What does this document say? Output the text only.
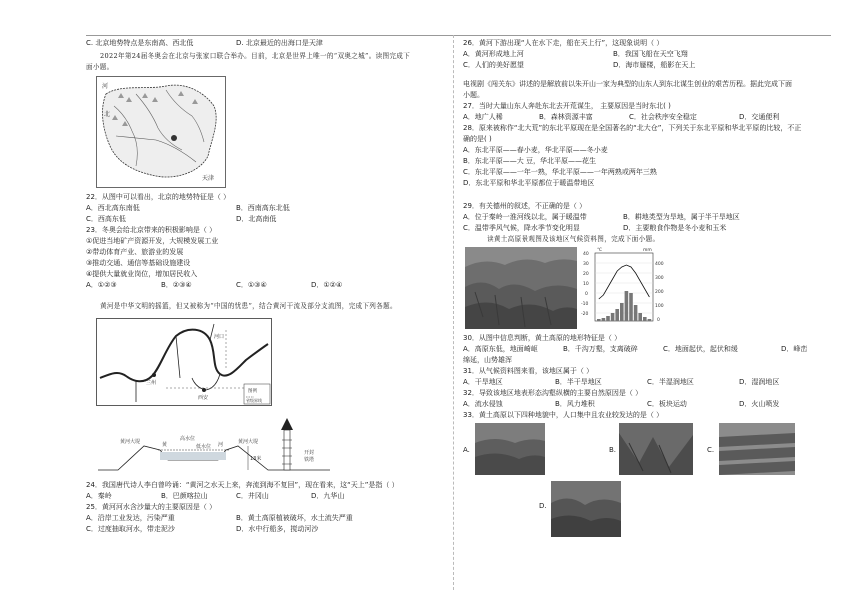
C. 北京地势特点是东南高、西北低	D. 北京最近的出海口是天津
2022年第24届冬奥会在北京与张家口联合举办。目前，北京是世界上唯一的“双奥之城”。读图完成下
面小题。
河
北
天津
22．从图中可以看出，北京的地势特征是（ ）
A．西北高东南低	B．西南高东北低
C．西高东低	D．北高南低
23．冬奥会给北京带来的积极影响是（ ）
①促进当地矿产资源开发，大规模发展工业
②带动体育产业、旅游业的发展
③推动交通、通信等基础设施建设
④提供大量就业岗位，增加居民收入
A．①②③	B．②③④	C．①③④	D．①②④
黄河是中华文明的摇篮，但又被称为“中国的忧患”，结合黄河干流及部分支流图，完成下列各题。
兰州
西安
河口
图例
省级界线
黄河大堤	黄
高水位
低水位 河	黄河大堤
开封
铁塔
13米
24．我国唐代诗人李白曾吟诵：“黄河之水天上来，奔流到海不复回”，现在看来，这“天上”是指（ ）
A．秦岭	B．巴颜喀拉山	C．井冈山	D．九华山
25．黄河河水含沙量大的主要原因是（ ）
A．沿岸工业发达，污染严重	B．黄土高原植被破坏，水土流失严重
C．过度抽取河水，带走泥沙	D．水中行船多，搅动河沙
26．黄河下游出现“人在水下走，船在天上行”，这现象说明（ ）
A．黄河形成地上河	B．我国飞船在天空飞翔
C．人们的美好愿望	D．海市蜃楼，船影在天上
电视剧《闯关东》讲述的是解放前以朱开山一家为典型的山东人到东北谋生创业的艰苦历程。据此完成下面
小题。
27．当时大量山东人奔赴东北去开荒谋生， 主要原因是当时东北( )
A．地广人稀	B．森林资源丰富	C．社会秩序安全稳定	D．交通便利
28．原来被称作“北大荒”的东北平原现在是全国著名的“北大仓”，下列关于东北平原和华北平原的比较，不正
确的是( )
A．东北平原——春小麦，华北平原——冬小麦
B．东北平原——大 豆，华北平原——花生
C．东北平原——一年一熟，华北平原——一年两熟或两年三熟
D．东北平原和华北平原都位于暖温带地区
29．有关德州的叙述，不正确的是（ ）
A．位于秦岭一淮河线以北，属于暖温带	B．耕地类型为旱地，属于半干旱地区
C．温带季风气候，降水季节变化明显	D．主要粮食作物是冬小麦和玉米
读黄土高原景观图及该地区气候资料图，完成下面小题。
40
30
20
10
0
-10
-20
℃	mm
400
300
200
100
0
30．从图中信息判断，黄土高原的地形特征是（ ）
A．高原东低，地面崎岖	B．千沟万壑，支离破碎	C．地面起伏，起伏和缓	D．峰峦
绵延，山势雄浑
31．从气候资料图来看，该地区属于（ ）
A．干旱地区	B．半干旱地区	C．半湿润地区	D．湿润地区
32．导致该地区地表形态沟壑纵横的主要自然原因是（ ）
A．流水侵蚀	B．风力堆积	C．板块运动	D．火山喷发
33．黄土高原以下四种地貌中，人口集中且农业较发达的是（ ）
A.	B.	C.
D.
